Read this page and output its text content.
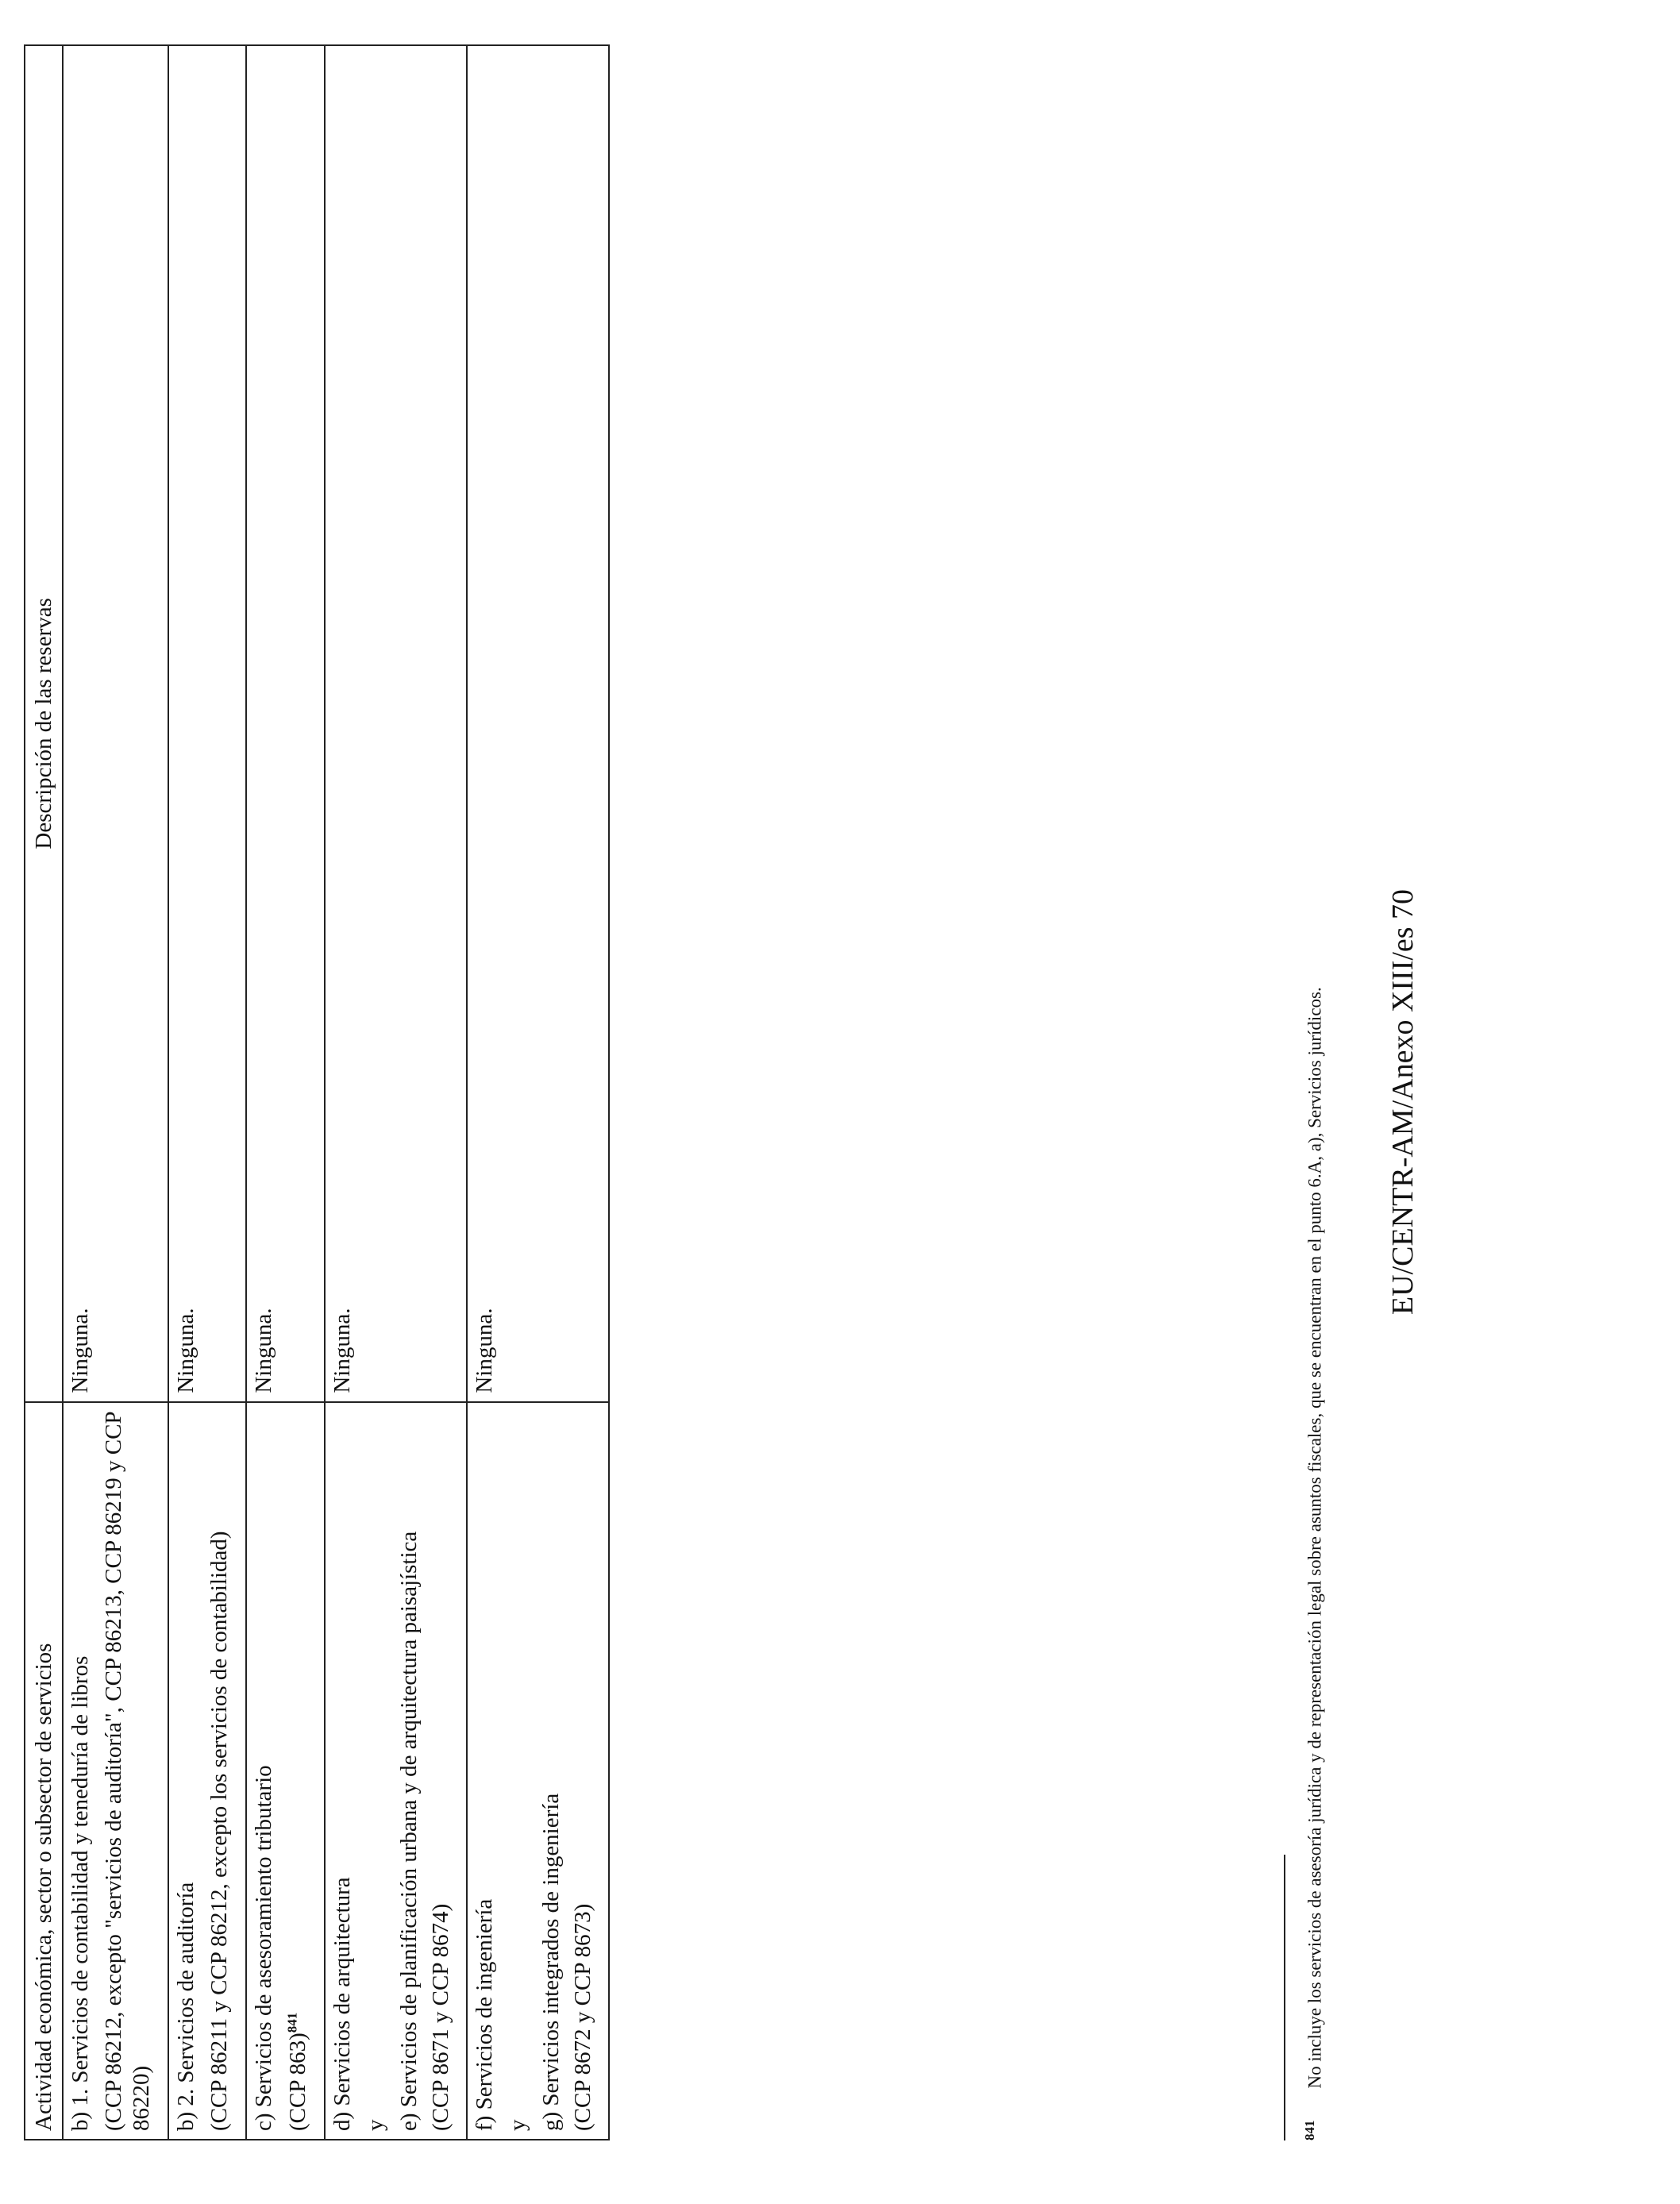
Actividad económica, sector o subsector de servicios	Descripción de las reservas

b) 1. Servicios de contabilidad y teneduría de libros (CCP 86212, excepto "servicios de auditoría", CCP 86213, CCP 86219 y CCP 86220)	Ninguna.

b) 2. Servicios de auditoría (CCP 86211 y CCP 86212, excepto los servicios de contabilidad)	Ninguna.

c) Servicios de asesoramiento tributario (CCP 863)$^{841}$	Ninguna.

d) Servicios de arquitectura y e) Servicios de planificación urbana y de arquitectura paisajística (CCP 8671 y CCP 8674)	Ninguna.

f) Servicios de ingeniería y g) Servicios integrados de ingeniería (CCP 8672 y CCP 8673)	Ninguna.
$^{841}$No incluye los servicios de asesoría jurídica y de representación legal sobre asuntos fiscales, que se encuentran en el punto 6.A, a), Servicios jurídicos. EU/CENTR-AM/Anexo XIII/es 70
